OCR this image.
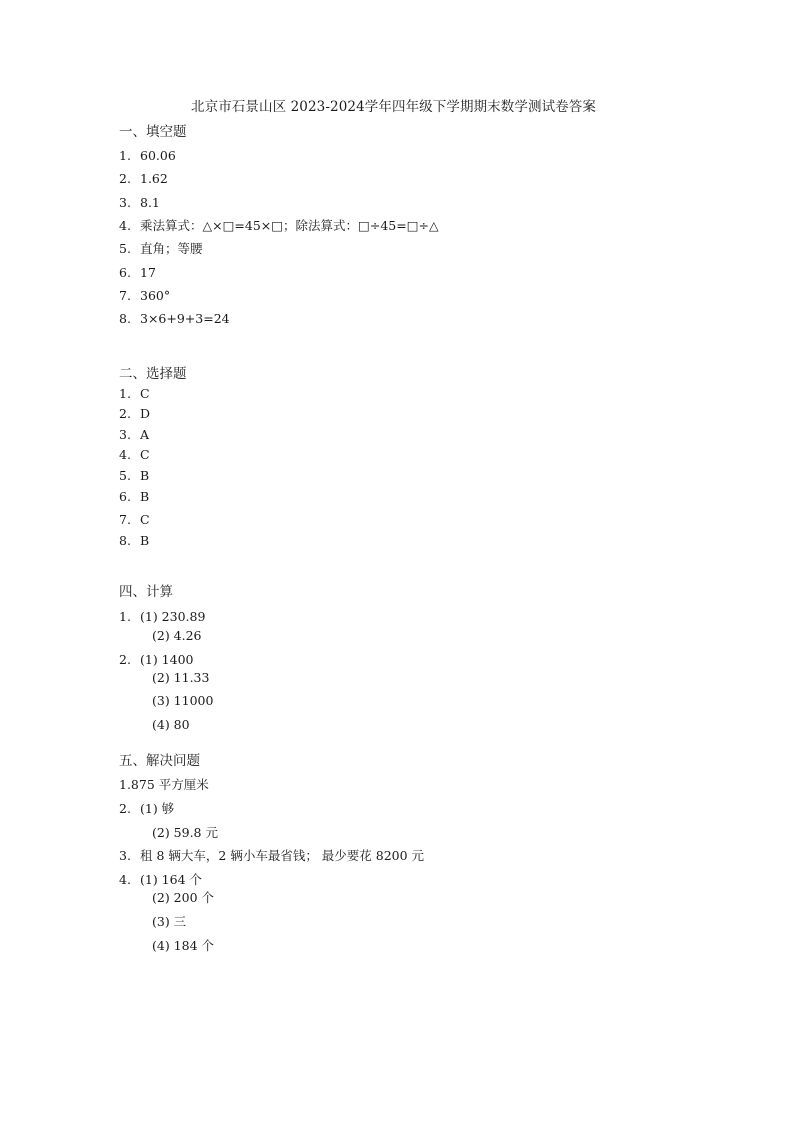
北京市石景山区 2023-2024学年四年级下学期期末数学测试卷答案
一、填空题
1. 60.06
2. 1.62
3. 8.1
4. 乘法算式：△×□=45×□；除法算式：□÷45=□÷△
5. 直角；等腰
6. 17
7. 360°
8. 3×6+9+3=24
二、选择题
1. C
2. D
3. A
4. C
5. B
6. B
7. C
8. B
四、计算
1. (1) 230.89
(2) 4.26
2. (1) 1400
(2) 11.33
(3) 11000
(4) 80
五、解决问题
1.875 平方厘米
2. (1) 够
(2) 59.8 元
3. 租 8 辆大车，2 辆小车最省钱； 最少要花 8200 元
4. (1) 164 个
(2) 200 个
(3) 三
(4) 184 个
